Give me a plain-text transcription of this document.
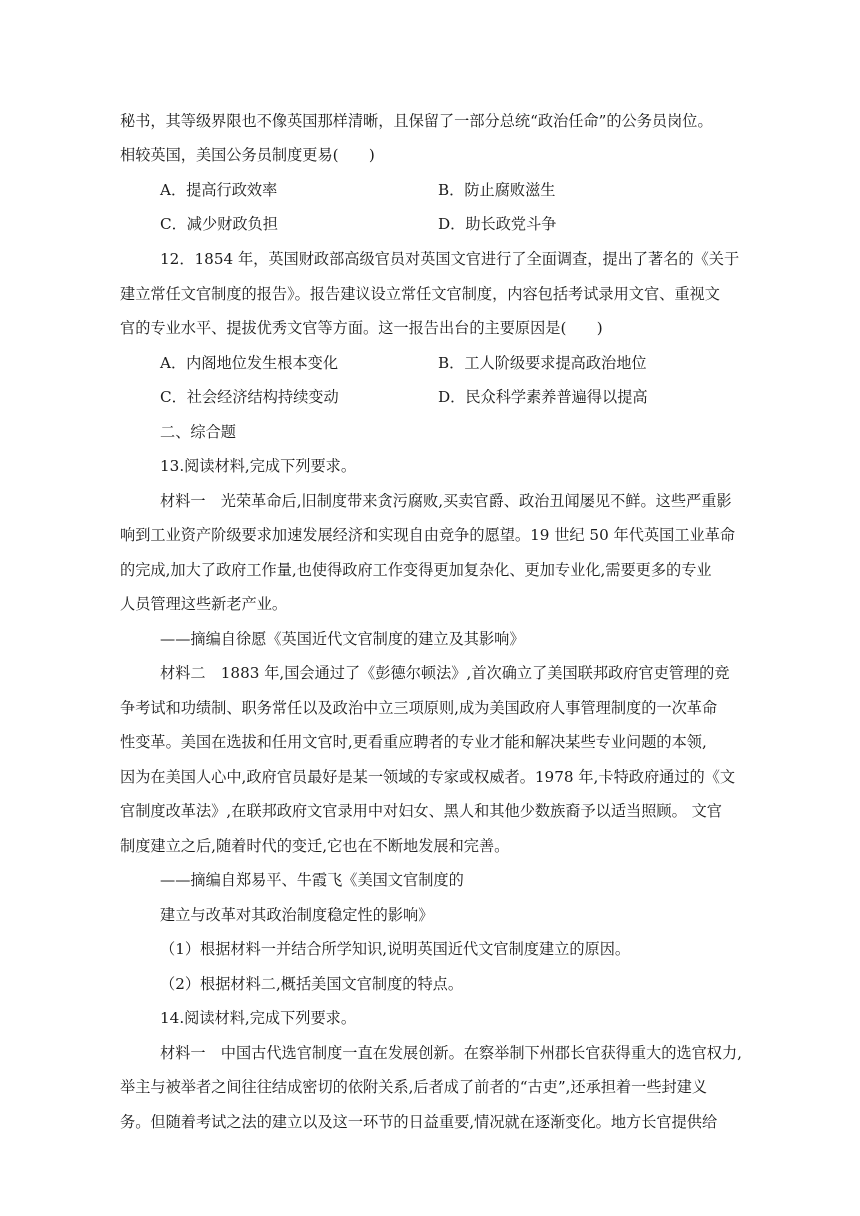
秘书，其等级界限也不像英国那样清晰，且保留了一部分总统“政治任命”的公务员岗位。
相较英国，美国公务员制度更易(　　)
A．提高行政效率	B．防止腐败滋生
C．减少财政负担	D．助长政党斗争
12．1854 年，英国财政部高级官员对英国文官进行了全面调查，提出了著名的《关于
建立常任文官制度的报告》。报告建议设立常任文官制度，内容包括考试录用文官、重视文
官的专业水平、提拔优秀文官等方面。这一报告出台的主要原因是(　　)
A．内阁地位发生根本变化	B．工人阶级要求提高政治地位
C．社会经济结构持续变动	D．民众科学素养普遍得以提高
二、综合题
13.阅读材料,完成下列要求。
材料一　光荣革命后,旧制度带来贪污腐败,买卖官爵、政治丑闻屡见不鲜。这些严重影
响到工业资产阶级要求加速发展经济和实现自由竞争的愿望。19 世纪 50 年代英国工业革命
的完成,加大了政府工作量,也使得政府工作变得更加复杂化、更加专业化,需要更多的专业
人员管理这些新老产业。
——摘编自徐愿《英国近代文官制度的建立及其影响》
材料二　1883 年,国会通过了《彭德尔顿法》,首次确立了美国联邦政府官吏管理的竞
争考试和功绩制、职务常任以及政治中立三项原则,成为美国政府人事管理制度的一次革命
性变革。美国在选拔和任用文官时,更看重应聘者的专业才能和解决某些专业问题的本领,
因为在美国人心中,政府官员最好是某一领域的专家或权威者。1978 年,卡特政府通过的《文
官制度改革法》,在联邦政府文官录用中对妇女、黑人和其他少数族裔予以适当照顾。 文官
制度建立之后,随着时代的变迁,它也在不断地发展和完善。
——摘编自郑易平、牛霞飞《美国文官制度的
建立与改革对其政治制度稳定性的影响》
（1）根据材料一并结合所学知识,说明英国近代文官制度建立的原因。
（2）根据材料二,概括美国文官制度的特点。
14.阅读材料,完成下列要求。
材料一　中国古代选官制度一直在发展创新。在察举制下州郡长官获得重大的选官权力,
举主与被举者之间往往结成密切的依附关系,后者成了前者的“古吏”,还承担着一些封建义
务。但随着考试之法的建立以及这一环节的日益重要,情况就在逐渐变化。地方长官提供给
